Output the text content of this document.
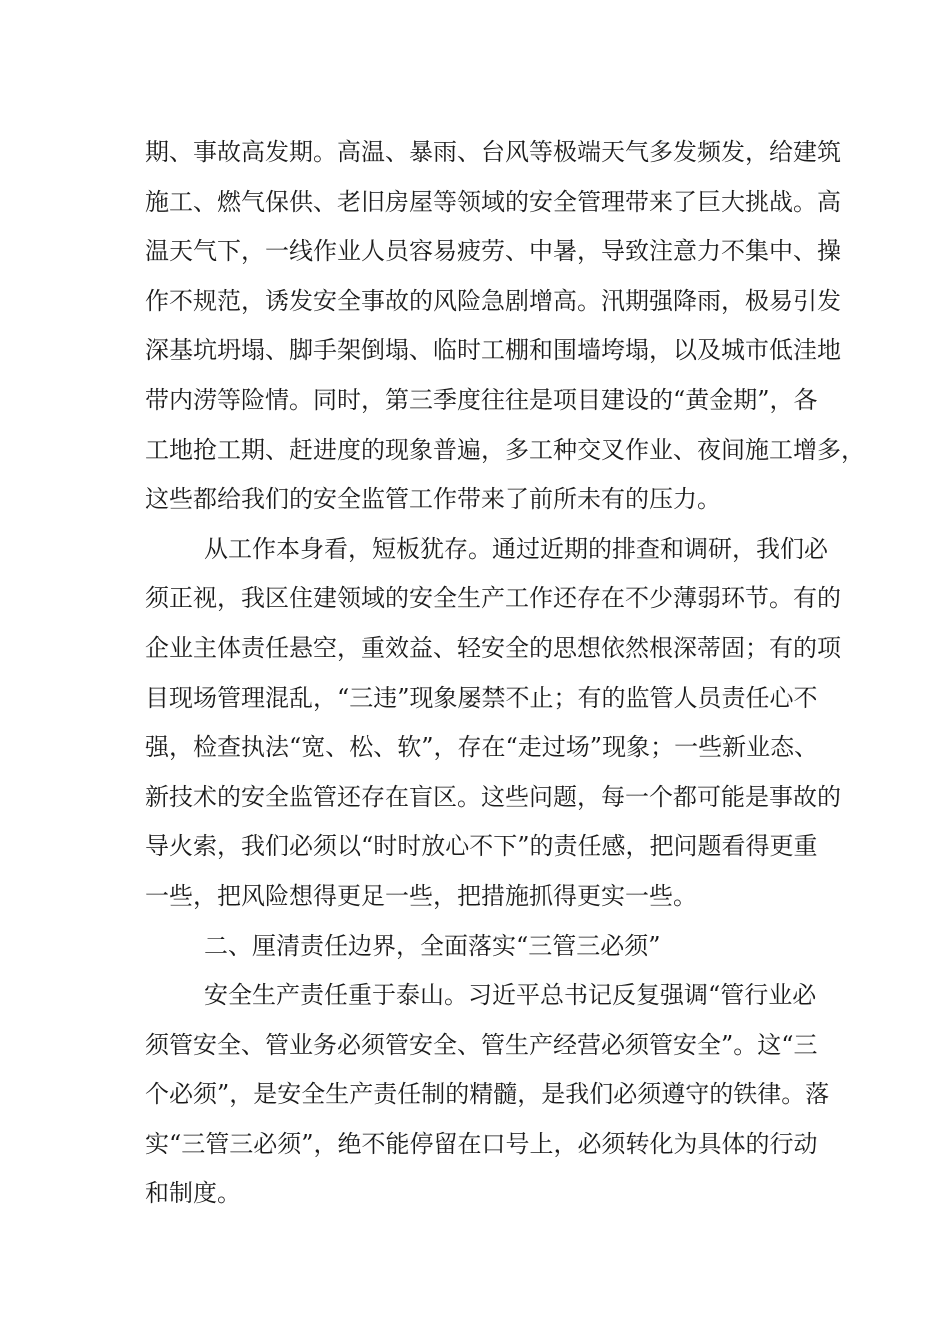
期、事故高发期。高温、暴雨、台风等极端天气多发频发，给建筑
施工、燃气保供、老旧房屋等领域的安全管理带来了巨大挑战。高
温天气下，一线作业人员容易疲劳、中暑，导致注意力不集中、操
作不规范，诱发安全事故的风险急剧增高。汛期强降雨，极易引发
深基坑坍塌、脚手架倒塌、临时工棚和围墙垮塌，以及城市低洼地
带内涝等险情。同时，第三季度往往是项目建设的“黄金期”，各
工地抢工期、赶进度的现象普遍，多工种交叉作业、夜间施工增多，
这些都给我们的安全监管工作带来了前所未有的压力。
从工作本身看，短板犹存。通过近期的排查和调研，我们必
须正视，我区住建领域的安全生产工作还存在不少薄弱环节。有的
企业主体责任悬空，重效益、轻安全的思想依然根深蒂固；有的项
目现场管理混乱，“三违”现象屡禁不止；有的监管人员责任心不
强，检查执法“宽、松、软”，存在“走过场”现象；一些新业态、
新技术的安全监管还存在盲区。这些问题，每一个都可能是事故的
导火索，我们必须以“时时放心不下”的责任感，把问题看得更重
一些，把风险想得更足一些，把措施抓得更实一些。
二、厘清责任边界，全面落实“三管三必须”
安全生产责任重于泰山。习近平总书记反复强调“管行业必
须管安全、管业务必须管安全、管生产经营必须管安全”。这“三
个必须”，是安全生产责任制的精髓，是我们必须遵守的铁律。落
实“三管三必须”，绝不能停留在口号上，必须转化为具体的行动
和制度。
